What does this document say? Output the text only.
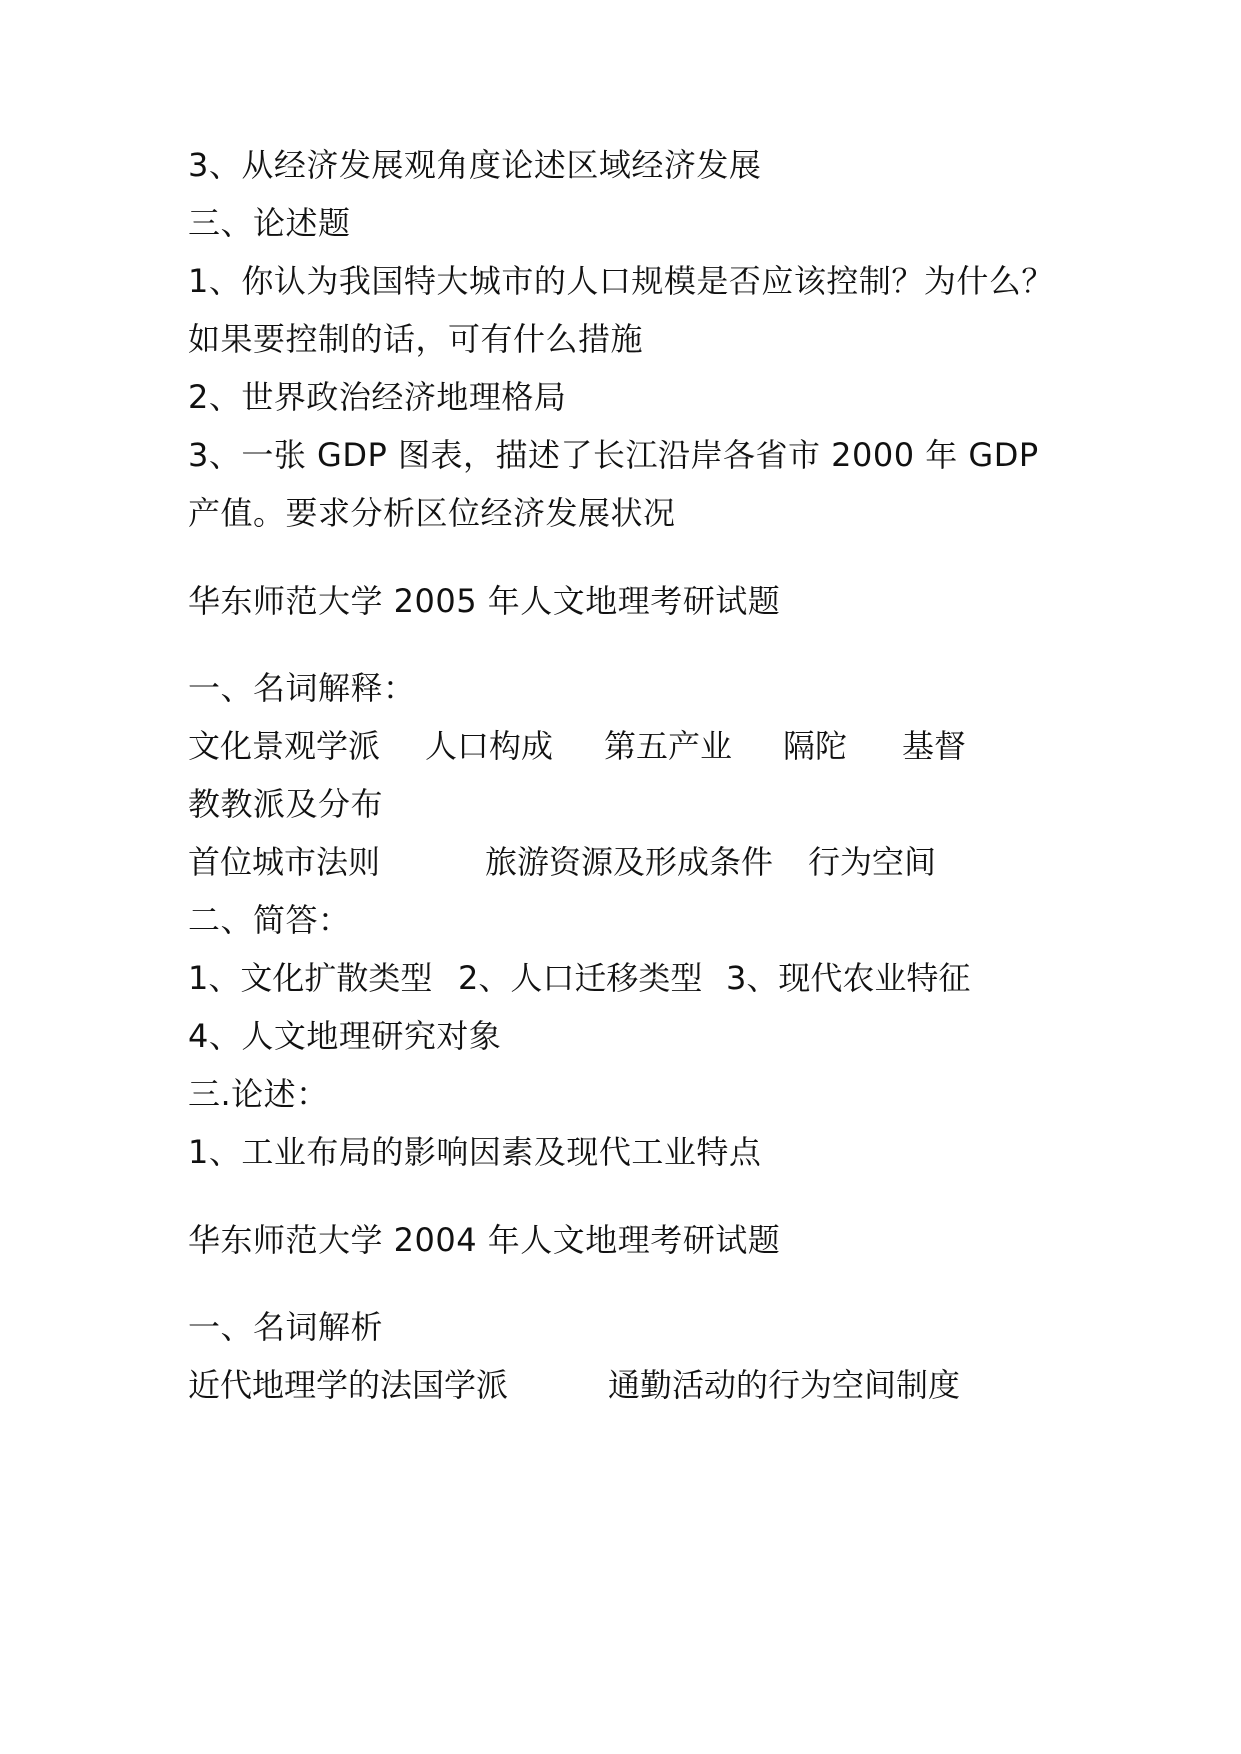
3、从经济发展观角度论述区域经济发展
三、论述题
1、你认为我国特大城市的人口规模是否应该控制？为什么？
如果要控制的话，可有什么措施
2、世界政治经济地理格局
3、一张 GDP 图表，描述了长江沿岸各省市 2000 年 GDP
产值。要求分析区位经济发展状况
华东师范大学 2005 年人文地理考研试题
一、名词解释：
文化景观学派 人口构成 第五产业 隔陀 基督
教教派及分布
首位城市法则	旅游资源及形成条件 行为空间
二、简答：
1、文化扩散类型 2、人口迁移类型 3、现代农业特征
4、人文地理研究对象
三.论述：
1、工业布局的影响因素及现代工业特点
华东师范大学 2004 年人文地理考研试题
一、名词解析
近代地理学的法国学派	通勤活动的行为空间制度
